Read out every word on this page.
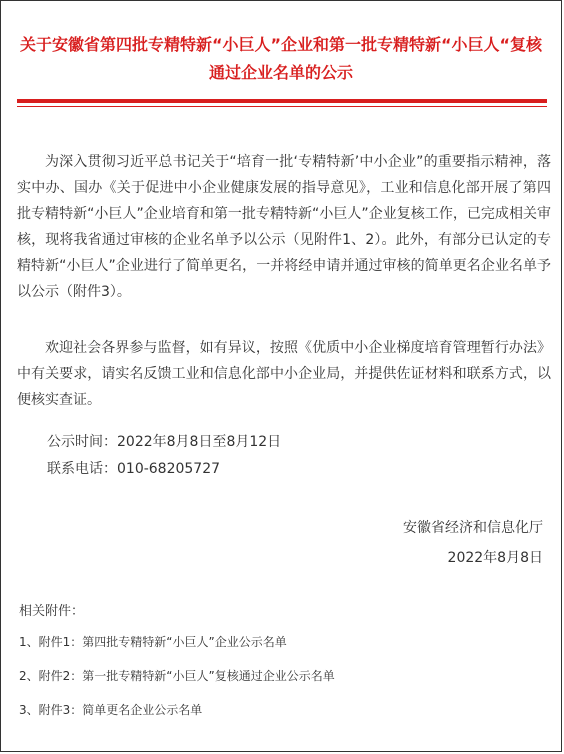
关于安徽省第四批专精特新“小巨人”企业和第一批专精特新“小巨人“复核通过企业名单的公示
为深入贯彻习近平总书记关于“培育一批‘专精特新’中小企业”的重要指示精神，落实中办、国办《关于促进中小企业健康发展的指导意见》，工业和信息化部开展了第四批专精特新“小巨人”企业培育和第一批专精特新“小巨人”企业复核工作，已完成相关审核，现将我省通过审核的企业名单予以公示（见附件1、2）。此外，有部分已认定的专精特新“小巨人”企业进行了简单更名，一并将经申请并通过审核的简单更名企业名单予以公示（附件3）。
欢迎社会各界参与监督，如有异议，按照《优质中小企业梯度培育管理暂行办法》中有关要求，请实名反馈工业和信息化部中小企业局，并提供佐证材料和联系方式，以便核实查证。
公示时间：2022年8月8日至8月12日
联系电话：010-68205727
安徽省经济和信息化厅
2022年8月8日
相关附件：
1、附件1：第四批专精特新“小巨人”企业公示名单
2、附件2：第一批专精特新“小巨人”复核通过企业公示名单
3、附件3：简单更名企业公示名单
